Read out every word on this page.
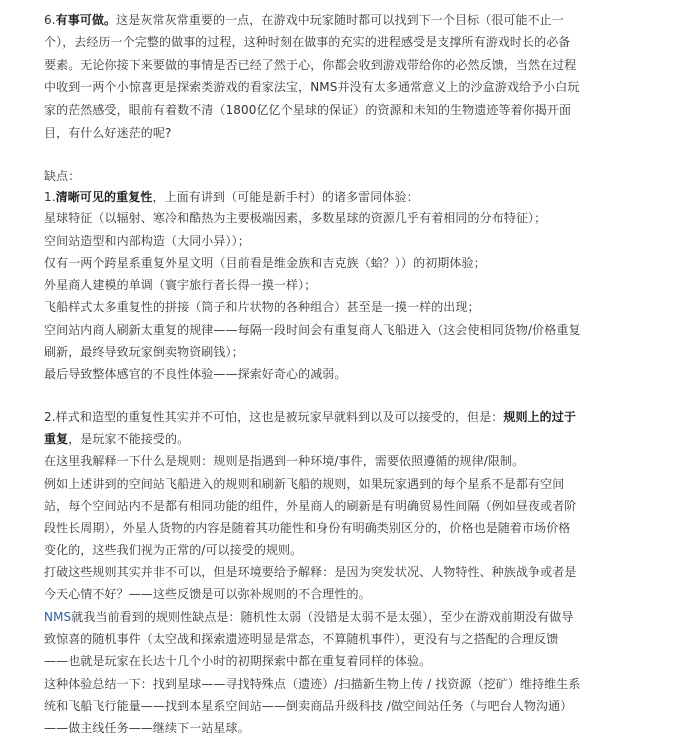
6.有事可做。这是灰常灰常重要的一点，在游戏中玩家随时都可以找到下一个目标（很可能不止一
个），去经历一个完整的做事的过程，这种时刻在做事的充实的进程感受是支撑所有游戏时长的必备
要素。无论你接下来要做的事情是否已经了然于心，你都会收到游戏带给你的必然反馈，当然在过程
中收到一两个小惊喜更是探索类游戏的看家法宝，NMS并没有太多通常意义上的沙盒游戏给予小白玩
家的茫然感受，眼前有着数不清（1800亿亿个星球的保证）的资源和未知的生物遗迹等着你揭开面
目，有什么好迷茫的呢?
缺点：
1.清晰可见的重复性，上面有讲到（可能是新手村）的诸多雷同体验：
星球特征（以辐射、寒冷和酷热为主要极端因素，多数星球的资源几乎有着相同的分布特征）；
空间站造型和内部构造（大同小异））；
仅有一两个跨星系重复外星文明（目前看是维金族和吉克族（蛤？））的初期体验；
外星商人建模的单调（寰宇旅行者长得一摸一样）；
飞船样式太多重复性的拼接（筒子和片状物的各种组合）甚至是一摸一样的出现；
空间站内商人刷新太重复的规律——每隔一段时间会有重复商人飞船进入（这会使相同货物/价格重复
刷新，最终导致玩家倒卖物资刷钱）；
最后导致整体感官的不良性体验——探索好奇心的减弱。
2.样式和造型的重复性其实并不可怕，这也是被玩家早就料到以及可以接受的，但是：规则上的过于
重复，是玩家不能接受的。
在这里我解释一下什么是规则：规则是指遇到一种环境/事件，需要依照遵循的规律/限制。
例如上述讲到的空间站飞船进入的规则和刷新飞船的规则，如果玩家遇到的每个星系不是都有空间
站，每个空间站内不是都有相同功能的组件，外星商人的刷新是有明确贸易性间隔（例如昼夜或者阶
段性长周期），外星人货物的内容是随着其功能性和身份有明确类别区分的，价格也是随着市场价格
变化的，这些我们视为正常的/可以接受的规则。
打破这些规则其实并非不可以，但是环境要给予解释：是因为突发状况、人物特性、种族战争或者是
今天心情不好？——这些反馈是可以弥补规则的不合理性的。
NMS就我当前看到的规则性缺点是：随机性太弱（没错是太弱不是太强），至少在游戏前期没有做导
致惊喜的随机事件（太空战和探索遗迹明显是常态，不算随机事件），更没有与之搭配的合理反馈
——也就是玩家在长达十几个小时的初期探索中都在重复着同样的体验。
这种体验总结一下：找到星球——寻找特殊点（遗迹）/扫描新生物上传 / 找资源（挖矿）维持维生系
统和飞船飞行能量——找到本星系空间站——倒卖商品升级科技 /做空间站任务（与吧台人物沟通）
——做主线任务——继续下一站星球。
